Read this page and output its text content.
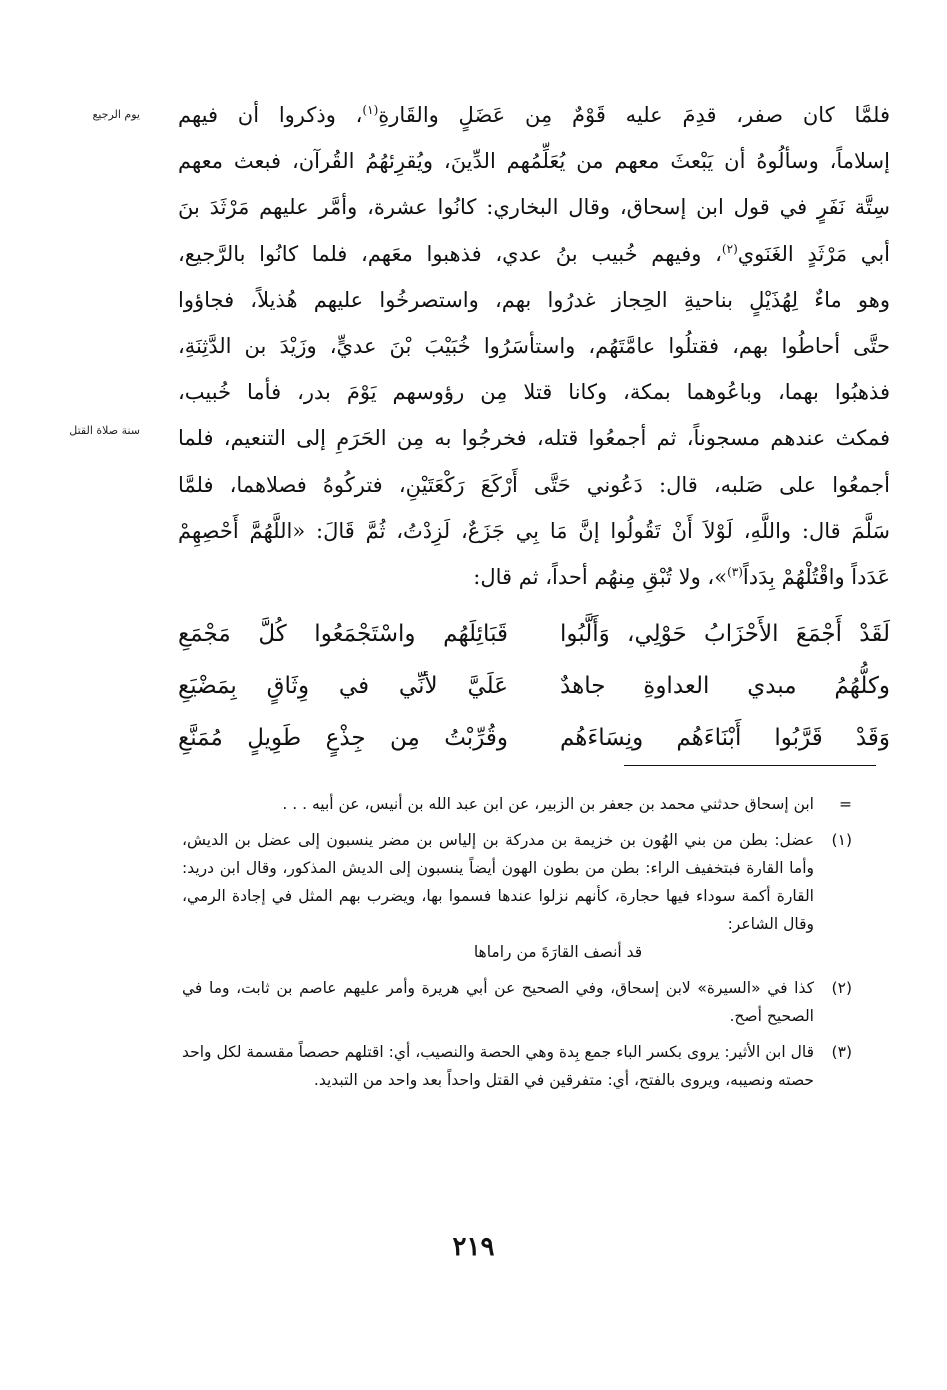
يوم الرجيع
سنة صلاة القتل
فلمَّا كان صفر، قدِمَ عليه قَوْمٌ مِن عَضَلٍ والقَارةِ$^{(١)}$، وذكروا أن فيهم
إسلاماً، وسألُوهُ أن يَبْعثَ معهم من يُعَلِّمُهم الدِّينَ، ويُقرِئهُمُ القُرآن، فبعث معهم
سِتَّة نَفَرٍ في قول ابن إسحاق، وقال البخاري: كانُوا عشرة، وأمَّر عليهم مَرْثَدَ بنَ
أبي مَرْثَدٍ الغَنَوي$^{(٢)}$، وفيهم خُبيب بنُ عدي، فذهبوا معَهم، فلما كانُوا بالرَّجيع،
وهو ماءٌ لِهُذَيْلٍ بناحيةِ الحِجاز غدرُوا بهم، واستصرخُوا عليهم هُذيلاً، فجاؤوا
حتَّى أحاطُوا بهم، فقتلُوا عامَّتَهُم، واستأسَرُوا خُبَيْبَ بْنَ عديٍّ، وزَيْدَ بن الدَّثِنَةِ،
فذهبُوا بهما، وباعُوهما بمكة، وكانا قتلا مِن رؤوسهم يَوْمَ بدر، فأما خُبيب،
فمكث عندهم مسجوناً، ثم أجمعُوا قتله، فخرجُوا به مِن الحَرَمِ إلى التنعيم، فلما
أجمعُوا على صَلبه، قال: دَعُوني حَتَّى أَرْكَعَ رَكْعَتَيْنِ، فتركُوهُ فصلاهما، فلمَّا
سَلَّمَ قال: واللَّهِ، لَوْلاَ أَنْ تَقُولُوا إنَّ مَا بِي جَزَعٌ، لَزِدْتُ، ثُمَّ قَالَ: «اللَّهُمَّ أَحْصِهِمْ
عَدَداً واقْتُلْهُمْ بِدَداً$^{(٣)}$»، ولا تُبْقِ مِنهُم أحداً، ثم قال:
لَقَدْ أَجْمَعَ الأَحْزَابُ حَوْلِي، وَأَلَّبُوا
قَبَائِلَهُم واسْتَجْمَعُوا كُلَّ مَجْمَعِ
وكلُّهُمُ مبدي العداوةِ جاهدٌ
عَلَيَّ لأنِّي في وِثَاقٍ بِمَضْيَعِ
وَقَدْ قَرَّبُوا أَبْنَاءَهُم ونِسَاءَهُم
وقُرِّبْتُ مِن جِذْعٍ طَوِيلٍ مُمَنَّعِ
=
ابن إسحاق حدثني محمد بن جعفر بن الزبير، عن ابن عبد الله بن أنيس، عن أبيه . . .
(١)
عضل: بطن من بني الهُون بن خزيمة بن مدركة بن إلياس بن مضر ينسبون إلى عضل بن الديش، وأما القارة فبتخفيف الراء: بطن من بطون الهون أيضاً ينسبون إلى الديش المذكور، وقال ابن دريد: القارة أكمة سوداء فيها حجارة، كأنهم نزلوا عندها فسموا بها، ويضرب بهم المثل في إجادة الرمي، وقال الشاعر:
قد أنصف القارَةَ من راماها
(٢)
كذا في «السيرة» لابن إسحاق، وفي الصحيح عن أبي هريرة وأمر عليهم عاصم بن ثابت، وما في الصحيح أصح.
(٣)
قال ابن الأثير: يروى بكسر الباء جمع بِدة وهي الحصة والنصيب، أي: اقتلهم حصصاً مقسمة لكل واحد حصته ونصيبه، ويروى بالفتح، أي: متفرقين في القتل واحداً بعد واحد من التبديد.
٢١٩
